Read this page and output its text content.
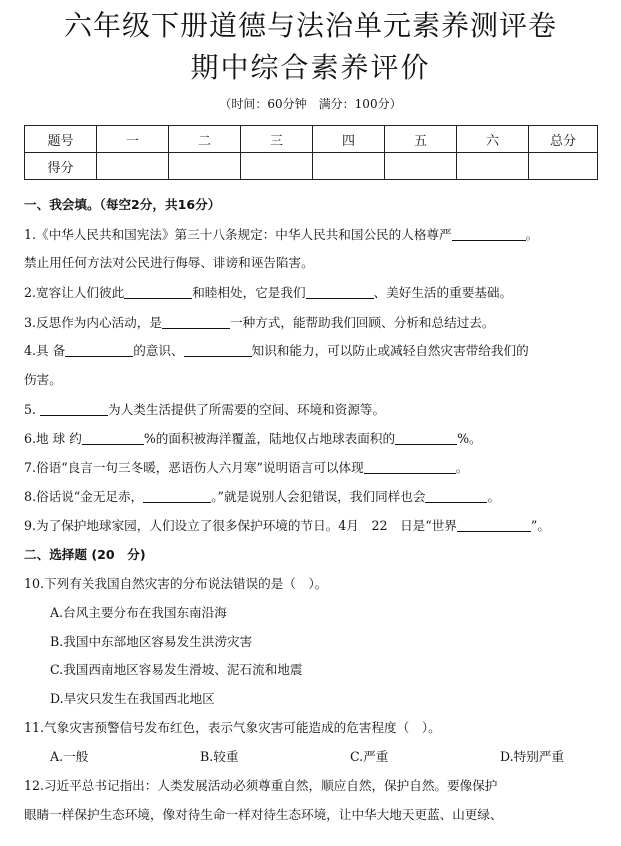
六年级下册道德与法治单元素养测评卷
期中综合素养评价
（时间：60分钟　满分：100分）
题号	一	二	三	四	五	六	总分
得分							
一、我会填。（每空2分，共16分）
1.《中华人民共和国宪法》第三十八条规定：中华人民共和国公民的人格尊严	。
禁止用任何方法对公民进行侮辱、诽谤和诬告陷害。
2.宽容让人们彼此	和睦相处，它是我们	、美好生活的重要基础。
3.反思作为内心活动，是	一种方式，能帮助我们回顾、分析和总结过去。
4.具 备	的意识、	知识和能力，可以防止或减轻自然灾害带给我们的
伤害。
5.	为人类生活提供了所需要的空间、环境和资源等。
6.地 球 约	%的面积被海洋覆盖，陆地仅占地球表面积的	%。
7.俗语“良言一句三冬暖，恶语伤人六月寒”说明语言可以体现	。
8.俗话说“金无足赤，	。”就是说别人会犯错误，我们同样也会	。
9.为了保护地球家园，人们设立了很多保护环境的节日。4月　22　日是“世界	”。
二、选择题 (20　分)
10.下列有关我国自然灾害的分布说法错误的是（　）。
A.台风主要分布在我国东南沿海
B.我国中东部地区容易发生洪涝灾害
C.我国西南地区容易发生滑坡、泥石流和地震
D.旱灾只发生在我国西北地区
11.气象灾害预警信号发布红色，表示气象灾害可能造成的危害程度（　）。
A.一般	B.较重	C.严重	D.特别严重
12.习近平总书记指出：人类发展活动必须尊重自然，顺应自然，保护自然。要像保护
眼睛一样保护生态环境，像对待生命一样对待生态环境，让中华大地天更蓝、山更绿、
